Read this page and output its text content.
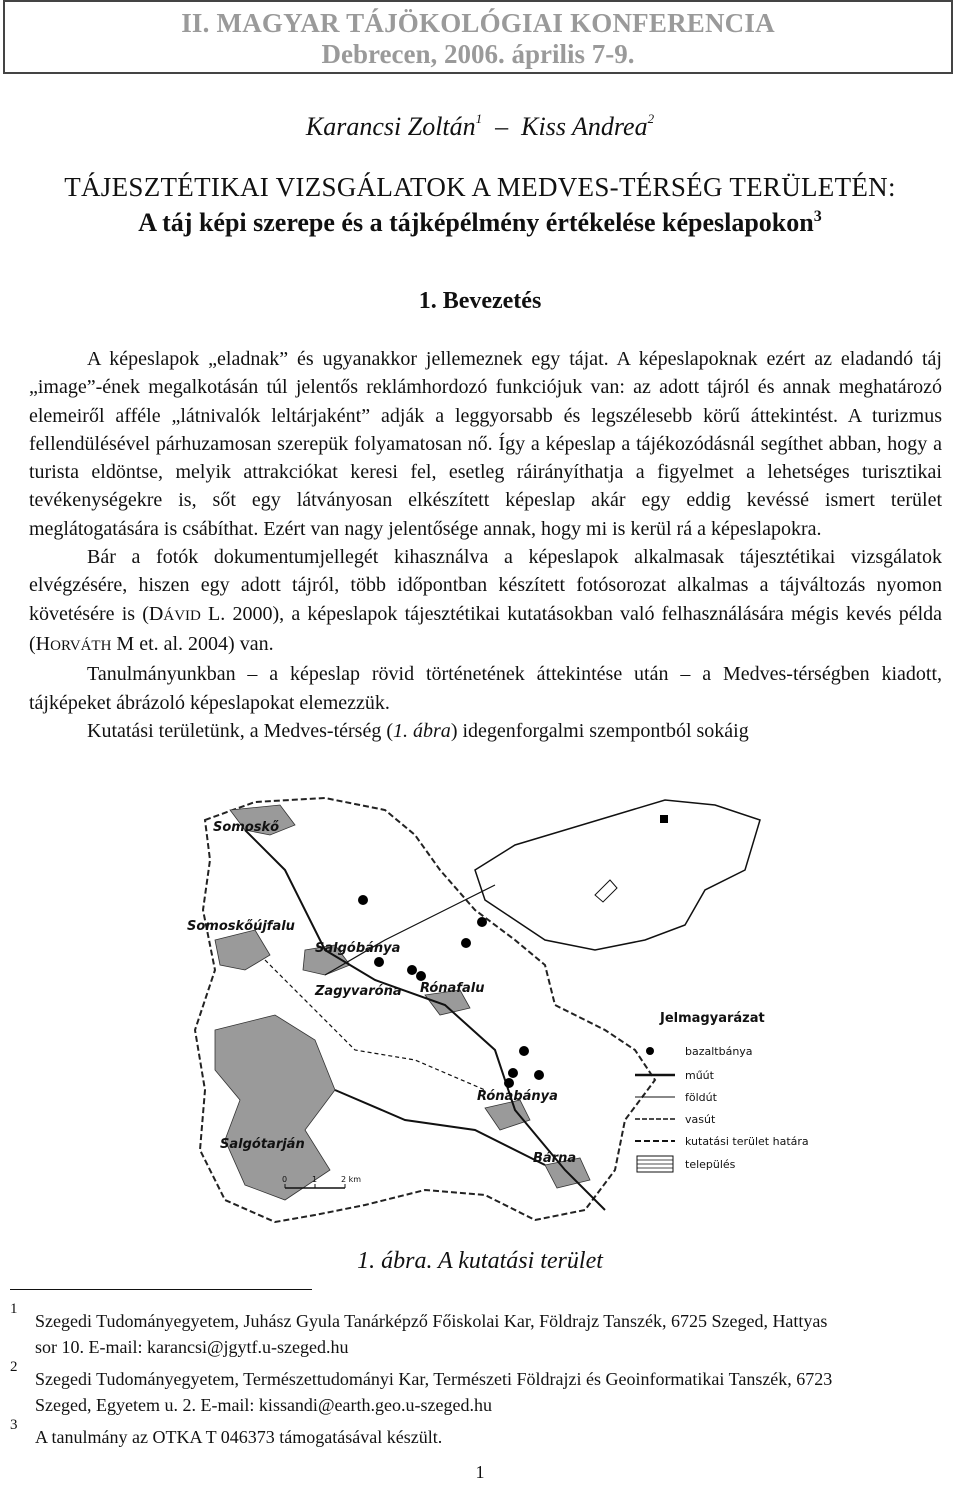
II. MAGYAR TÁJÖKOLÓGIAI KONFERENCIA
Debrecen, 2006. április 7-9.
Karancsi Zoltán$^1$ – Kiss Andrea$^2$
TÁJESZTÉTIKAI VIZSGÁLATOK A MEDVES-TÉRSÉG TERÜLETÉN:
A táj képi szerepe és a tájképélmény értékelése képeslapokon$^3$
1. Bevezetés

A képeslapok „eladnak” és ugyanakkor jellemeznek egy tájat. A képeslapoknak ezért az eladandó táj „image”-ének megalkotásán túl jelentős reklámhordozó funkciójuk van: az adott tájról és annak meghatározó elemeiről afféle „látnivalók leltárjaként” adják a leggyorsabb és legszélesebb körű áttekintést. A turizmus fellendülésével párhuzamosan szerepük folyamatosan nő. Így a képeslap a tájékozódásnál segíthet abban, hogy a turista eldöntse, melyik attrakciókat keresi fel, esetleg ráirányíthatja a figyelmet a lehetséges turisztikai tevékenységekre is, sőt egy látványosan elkészített képeslap akár egy eddig kevéssé ismert terület meglátogatására is csábíthat. Ezért van nagy jelentősége annak, hogy mi is kerül rá a képeslapokra.

Bár a fotók dokumentumjellegét kihasználva a képeslapok alkalmasak tájesztétikai vizsgálatok elvégzésére, hiszen egy adott tájról, több időpontban készített fotósorozat alkalmas a tájváltozás nyomon követésére is (DÁVID L. 2000), a képeslapok tájesztétikai kutatásokban való felhasználására mégis kevés példa (HORVÁTH M et. al. 2004) van.

Tanulmányunkban – a képeslap rövid történetének áttekintése után – a Medves-térségben kiadott, tájképeket ábrázoló képeslapokat elemezzük.

Kutatási területünk, a Medves-térség (1. ábra) idegenforgalmi szempontból sokáig

Somoskő
Somoskőújfalu
Salgóbánya
Rónafalu
Zagyvaróna
Rónabánya
Salgótarján
Bárna
0	1	2 km
Jelmagyarázat
bazaltbánya
műút
földút
vasút
kutatási terület határa
település
1. ábra. A kutatási terület
1
Szegedi Tudományegyetem, Juhász Gyula Tanárképző Főiskolai Kar, Földrajz Tanszék, 6725 Szeged, Hattyas
sor 10. E-mail: karancsi@jgytf.u-szeged.hu
2
Szegedi Tudományegyetem, Természettudományi Kar, Természeti Földrajzi és Geoinformatikai Tanszék, 6723
Szeged, Egyetem u. 2. E-mail: kissandi@earth.geo.u-szeged.hu
3
A tanulmány az OTKA T 046373 támogatásával készült.
1
